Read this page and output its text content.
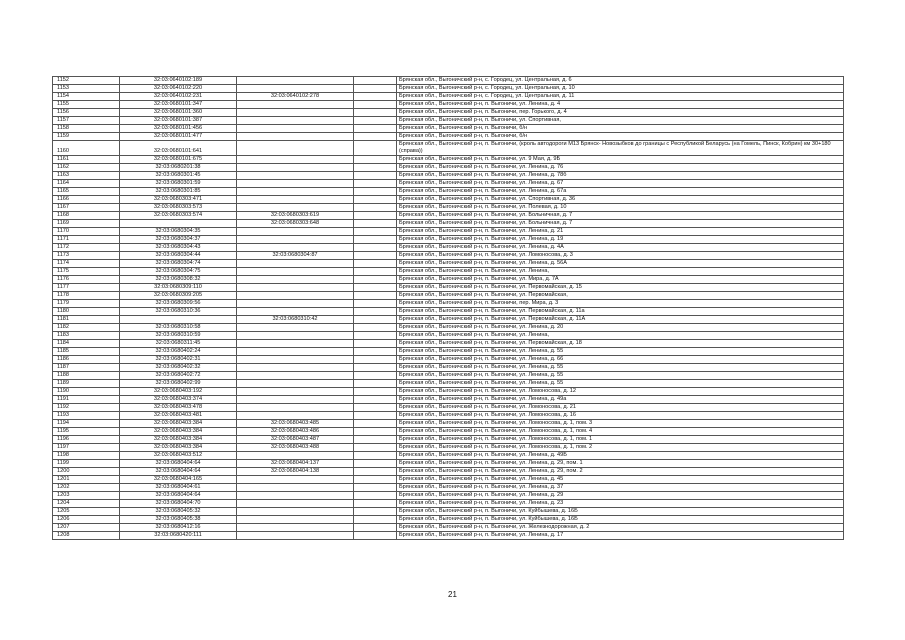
1152	32:03:0640102:189			Брянская обл., Выгоничский р-н, с. Городец, ул. Центральная, д. 6
1153	32:03:0640102:220			Брянская обл., Выгоничский р-н, с. Городец, ул. Центральная, д. 10
1154	32:03:0640102:231	32:03:0640102:278		Брянская обл., Выгоничский р-н, с. Городец, ул. Центральная, д. 11
1155	32:03:0680101:347			Брянская обл., Выгоничский р-н, п. Выгоничи, ул. Ленина, д. 4
1156	32:03:0680101:360			Брянская обл., Выгоничский р-н, п. Выгоничи, пер. Горького, д. 4
1157	32:03:0680101:387			Брянская обл., Выгоничский р-н, п. Выгоничи, ул. Спортивная,
1158	32:03:0680101:456			Брянская обл., Выгоничский р-н, п. Выгоничи, б/н
1159	32:03:0680101:477			Брянская обл., Выгоничский р-н, п. Выгоничи, б/н
1160	32:03:0680101:641			Брянская обл., Выгоничский р-н, п. Выгоничи, (кроль автодороги М13 Брянск- Новозыбков до границы с Республикой Беларусь (на Гомель, Пинск, Кобрин) км 30+180 (справа))
1161	32:03:0680101:675			Брянская обл., Выгоничский р-н, п. Выгоничи, ул. 9 Мая, д. 9Б
1162	32:03:0680201:38			Брянская обл., Выгоничский р-н, п. Выгоничи, ул. Ленина, д. 76
1163	32:03:0680301:45			Брянская обл., Выгоничский р-н, п. Выгоничи, ул. Ленина, д. 78б
1164	32:03:0680301:59			Брянская обл., Выгоничский р-н, п. Выгоничи, ул. Ленина, д. 67
1165	32:03:0680301:85			Брянская обл., Выгоничский р-н, п. Выгоничи, ул. Ленина, д. 67а
1166	32:03:0680303:471			Брянская обл., Выгоничский р-н, п. Выгоничи, ул. Спортивная, д. 36
1167	32:03:0680303:573			Брянская обл., Выгоничский р-н, п. Выгоничи, ул. Полевая, д. 10
1168	32:03:0680303:574	32:03:0680303:619		Брянская обл., Выгоничский р-н, п. Выгоничи, ул. Больничная, д. 7
1169		32:03:0680303:648		Брянская обл., Выгоничский р-н, п. Выгоничи, ул. Больничная, д. 7
1170	32:03:0680304:35			Брянская обл., Выгоничский р-н, п. Выгоничи, ул. Ленина, д. 21
1171	32:03:0680304:37			Брянская обл., Выгоничский р-н, п. Выгоничи, ул. Ленина, д. 19
1172	32:03:0680304:43			Брянская обл., Выгоничский р-н, п. Выгоничи, ул. Ленина, д. 4А
1173	32:03:0680304:44	32:03:0680304:87		Брянская обл., Выгоничский р-н, п. Выгоничи, ул. Ломоносова, д. 3
1174	32:03:0680304:74			Брянская обл., Выгоничский р-н, п. Выгоничи, ул. Ленина, д. 56А
1175	32:03:0680304:75			Брянская обл., Выгоничский р-н, п. Выгоничи, ул. Ленина,
1176	32:03:0680308:32			Брянская обл., Выгоничский р-н, п. Выгоничи, ул. Мира, д. 7А
1177	32:03:0680309:110			Брянская обл., Выгоничский р-н, п. Выгоничи, ул. Первомайская, д. 15
1178	32:03:0680309:205			Брянская обл., Выгоничский р-н, п. Выгоничи, ул. Первомайская,
1179	32:03:0680309:56			Брянская обл., Выгоничский р-н, п. Выгоничи, пер. Мира, д. 3
1180	32:03:0680310:36			Брянская обл., Выгоничский р-н, п. Выгоничи, ул. Первомайская, д. 11а
1181		32:03:0680310:42		Брянская обл., Выгоничский р-н, п. Выгоничи, ул. Первомайская, д. 11А
1182	32:03:0680310:58			Брянская обл., Выгоничский р-н, п. Выгоничи, ул. Ленина, д. 20
1183	32:03:0680310:59			Брянская обл., Выгоничский р-н, п. Выгоничи, ул. Ленина,
1184	32:03:0680311:45			Брянская обл., Выгоничский р-н, п. Выгоничи, ул. Первомайская, д. 18
1185	32:03:0680402:24			Брянская обл., Выгоничский р-н, п. Выгоничи, ул. Ленина, д. 55
1186	32:03:0680402:31			Брянская обл., Выгоничский р-н, п. Выгоничи, ул. Ленина, д. 66
1187	32:03:0680402:32			Брянская обл., Выгоничский р-н, п. Выгоничи, ул. Ленина, д. 55
1188	32:03:0680402:72			Брянская обл., Выгоничский р-н, п. Выгоничи, ул. Ленина, д. 55
1189	32:03:0680402:99			Брянская обл., Выгоничский р-н, п. Выгоничи, ул. Ленина, д. 55
1190	32:03:0680403:192			Брянская обл., Выгоничский р-н, п. Выгоничи, ул. Ломоносова, д. 12
1191	32:03:0680403:374			Брянская обл., Выгоничский р-н, п. Выгоничи, ул. Ленина, д. 49а
1192	32:03:0680403:478			Брянская обл., Выгоничский р-н, п. Выгоничи, ул. Ломоносова, д. 21
1193	32:03:0680403:481			Брянская обл., Выгоничский р-н, п. Выгоничи, ул. Ломоносова, д. 16
1194	32:03:0680403:384	32:03:0680403:485		Брянская обл., Выгоничский р-н, п. Выгоничи, ул. Ломоносова, д. 1, пом. 3
1195	32:03:0680403:384	32:03:0680403:486		Брянская обл., Выгоничский р-н, п. Выгоничи, ул. Ломоносова, д. 1, пом. 4
1196	32:03:0680403:384	32:03:0680403:487		Брянская обл., Выгоничский р-н, п. Выгоничи, ул. Ломоносова, д. 1, пом. 1
1197	32:03:0680403:384	32:03:0680403:488		Брянская обл., Выгоничский р-н, п. Выгоничи, ул. Ломоносова, д. 1, пом. 2
1198	32:03:0680403:512			Брянская обл., Выгоничский р-н, п. Выгоничи, ул. Ленина, д. 49Б
1199	32:03:0680404:64	32:03:0680404:137		Брянская обл., Выгоничский р-н, п. Выгоничи, ул. Ленина, д. 29, пом. 1
1200	32:03:0680404:64	32:03:0680404:138		Брянская обл., Выгоничский р-н, п. Выгоничи, ул. Ленина, д. 29, пом. 2
1201	32:03:0680404:165			Брянская обл., Выгоничский р-н, п. Выгоничи, ул. Ленина, д. 45
1202	32:03:0680404:61			Брянская обл., Выгоничский р-н, п. Выгоничи, ул. Ленина, д. 37
1203	32:03:0680404:64			Брянская обл., Выгоничский р-н, п. Выгоничи, ул. Ленина, д. 29
1204	32:03:0680404:70			Брянская обл., Выгоничский р-н, п. Выгоничи, ул. Ленина, д. 23
1205	32:03:0680405:32			Брянская обл., Выгоничский р-н, п. Выгоничи, ул. Куйбышева, д. 16Б
1206	32:03:0680405:38			Брянская обл., Выгоничский р-н, п. Выгоничи, ул. Куйбышева, д. 16Б
1207	32:03:0680412:16			Брянская обл., Выгоничский р-н, п. Выгоничи, ул. Железнодорожная, д. 2
1208	32:03:0680420:111			Брянская обл., Выгоничский р-н, п. Выгоничи, ул. Ленина, д. 17
21
